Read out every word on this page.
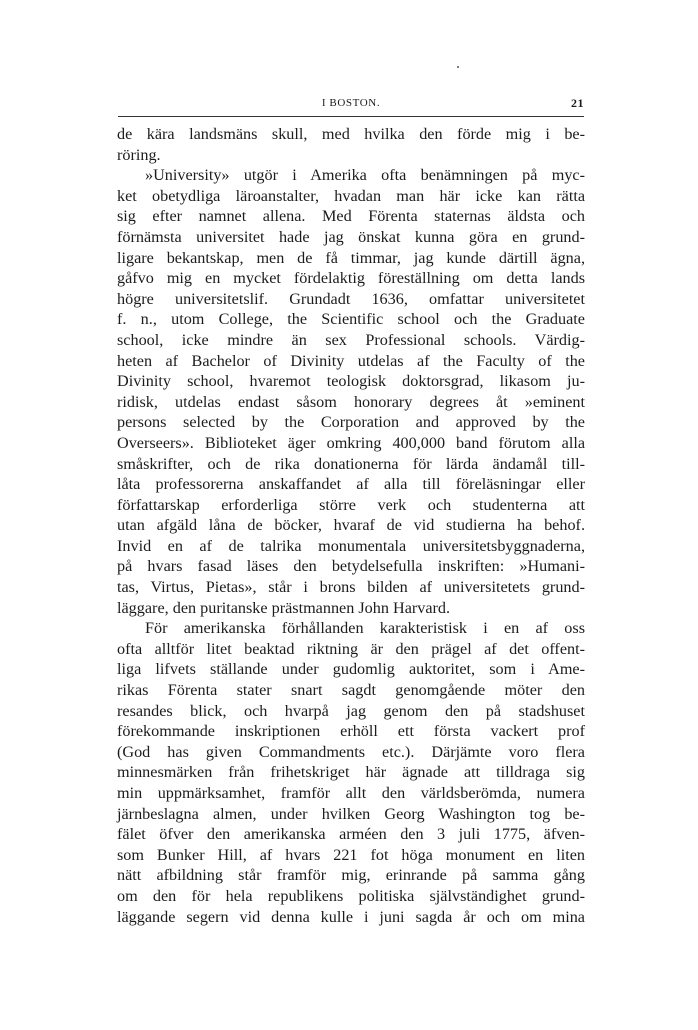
I BOSTON.	21
de kära landsmäns skull, med hvilka den förde mig i be-
röring.
»University» utgör i Amerika ofta benämningen på myc-
ket obetydliga läroanstalter, hvadan man här icke kan rätta
sig efter namnet allena. Med Förenta staternas äldsta och
förnämsta universitet hade jag önskat kunna göra en grund-
ligare bekantskap, men de få timmar, jag kunde därtill ägna,
gåfvo mig en mycket fördelaktig föreställning om detta lands
högre universitetslif. Grundadt 1636, omfattar universitetet
f. n., utom College, the Scientific school och the Graduate
school, icke mindre än sex Professional schools. Värdig-
heten af Bachelor of Divinity utdelas af the Faculty of the
Divinity school, hvaremot teologisk doktorsgrad, likasom ju-
ridisk, utdelas endast såsom honorary degrees åt »eminent
persons selected by the Corporation and approved by the
Overseers». Biblioteket äger omkring 400,000 band förutom alla
småskrifter, och de rika donationerna för lärda ändamål till-
låta professorerna anskaffandet af alla till föreläsningar eller
författarskap erforderliga större verk och studenterna att
utan afgäld låna de böcker, hvaraf de vid studierna ha behof.
Invid en af de talrika monumentala universitetsbyggnaderna,
på hvars fasad läses den betydelsefulla inskriften: »Humani-
tas, Virtus, Pietas», står i brons bilden af universitetets grund-
läggare, den puritanske prästmannen John Harvard.
För amerikanska förhållanden karakteristisk i en af oss
ofta alltför litet beaktad riktning är den prägel af det offent-
liga lifvets ställande under gudomlig auktoritet, som i Ame-
rikas Förenta stater snart sagdt genomgående möter den
resandes blick, och hvarpå jag genom den på stadshuset
förekommande inskriptionen erhöll ett första vackert prof
(God has given Commandments etc.). Därjämte voro flera
minnesmärken från frihetskriget här ägnade att tilldraga sig
min uppmärksamhet, framför allt den världsberömda, numera
järnbeslagna almen, under hvilken Georg Washington tog be-
fälet öfver den amerikanska arméen den 3 juli 1775, äfven-
som Bunker Hill, af hvars 221 fot höga monument en liten
nätt afbildning står framför mig, erinrande på samma gång
om den för hela republikens politiska självständighet grund-
läggande segern vid denna kulle i juni sagda år och om mina
